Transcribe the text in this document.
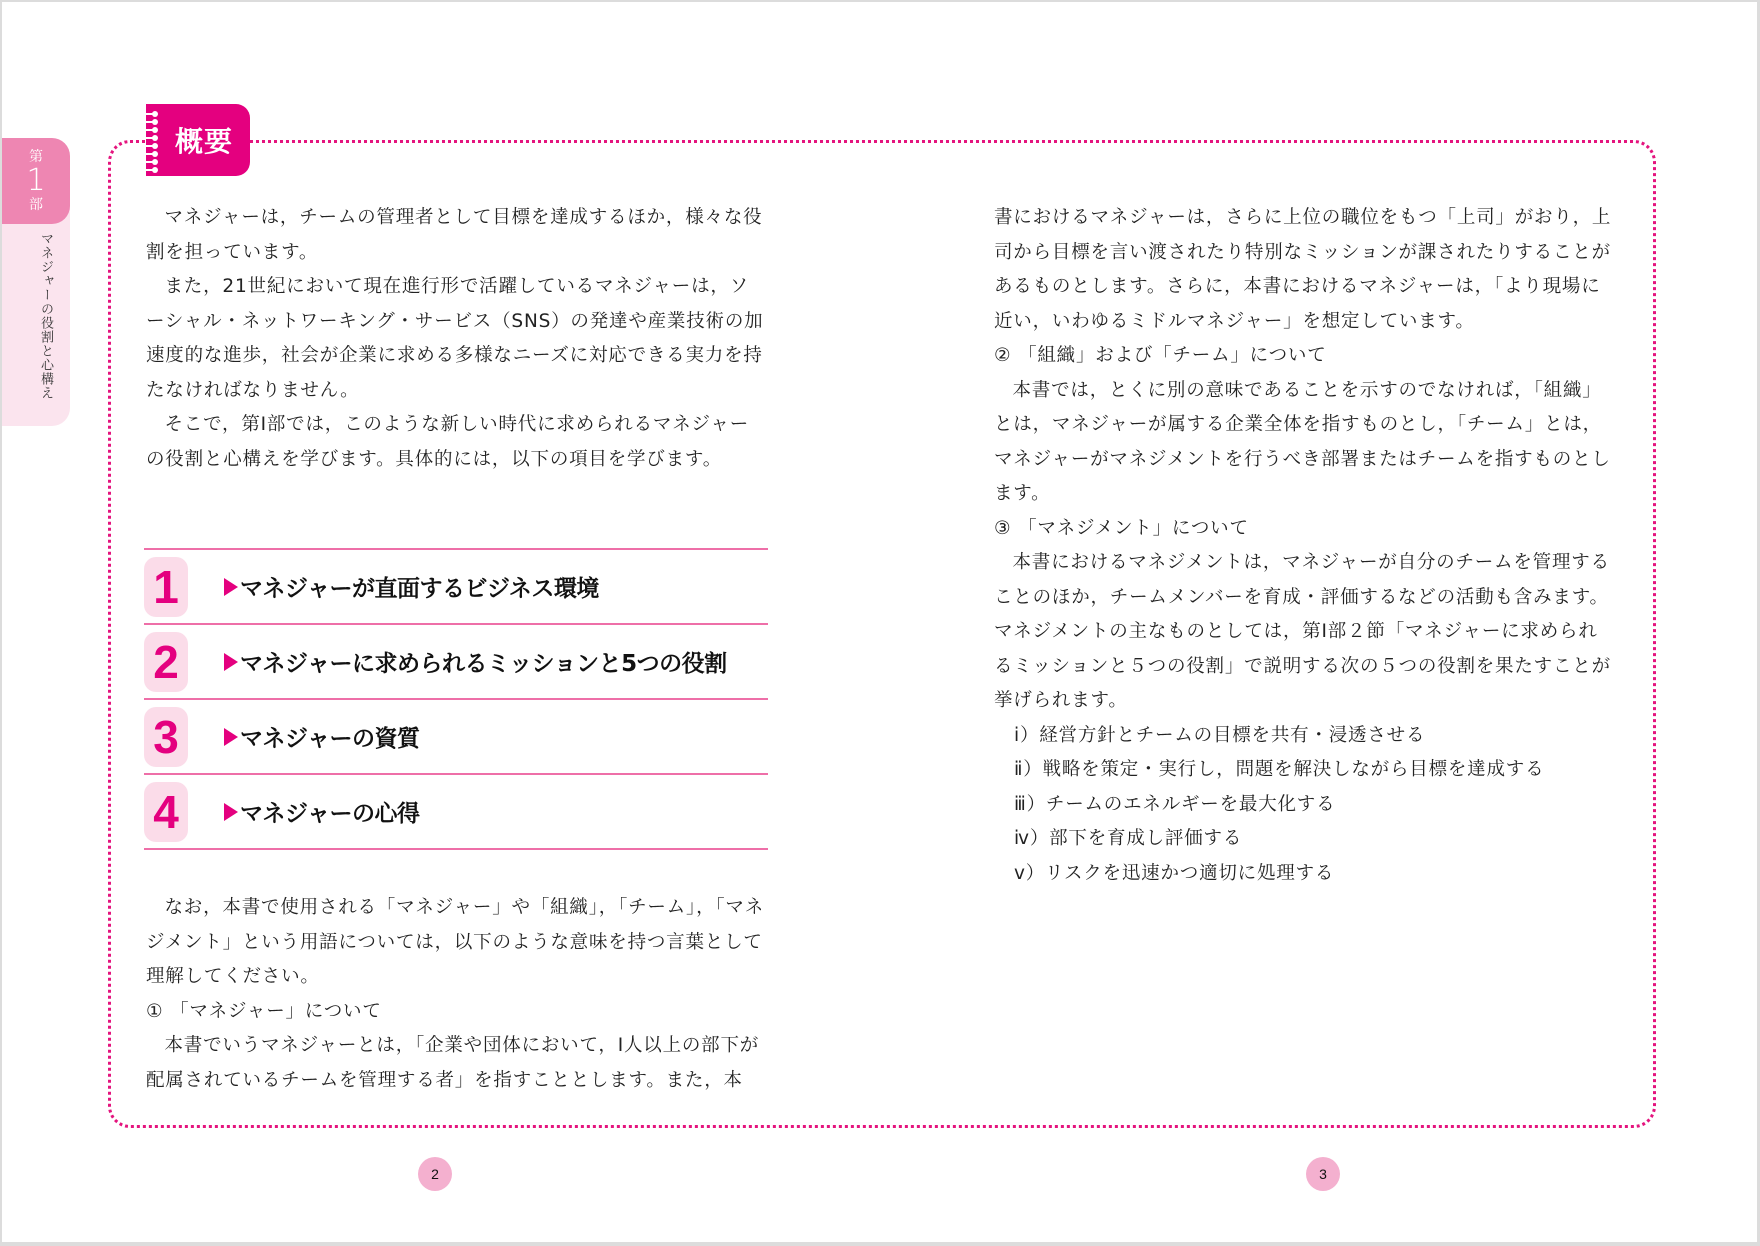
第
1
部
マネジャーの役割と心構え
概要

マネジャーは，チームの管理者として目標を達成するほか，様々な役割を担っています。

また，21世紀において現在進行形で活躍しているマネジャーは，ソーシャル・ネットワーキング・サービス（SNS）の発達や産業技術の加速度的な進歩，社会が企業に求める多様なニーズに対応できる実力を持たなければなりません。

そこで，第Ⅰ部では，このような新しい時代に求められるマネジャーの役割と心構えを学びます。具体的には，以下の項目を学びます。

1	マネジャーが直面するビジネス環境
2	マネジャーに求められるミッションと5つの役割
3	マネジャーの資質
4	マネジャーの心得

なお，本書で使用される「マネジャー」や「組織」，「チーム」，「マネジメント」という用語については，以下のような意味を持つ言葉として理解してください。

① 「マネジャー」について

本書でいうマネジャーとは，「企業や団体において，Ⅰ人以上の部下が配属されているチームを管理する者」を指すこととします。また，本

書におけるマネジャーは，さらに上位の職位をもつ「上司」がおり，上司から目標を言い渡されたり特別なミッションが課されたりすることがあるものとします。さらに，本書におけるマネジャーは，「より現場に近い，いわゆるミドルマネジャー」を想定しています。

② 「組織」および「チーム」について

本書では，とくに別の意味であることを示すのでなければ，「組織」とは，マネジャーが属する企業全体を指すものとし，「チーム」とは，マネジャーがマネジメントを行うべき部署またはチームを指すものとします。

③ 「マネジメント」について

本書におけるマネジメントは，マネジャーが自分のチームを管理することのほか，チームメンバーを育成・評価するなどの活動も含みます。マネジメントの主なものとしては，第Ⅰ部２節「マネジャーに求められるミッションと５つの役割」で説明する次の５つの役割を果たすことが挙げられます。

ⅰ）経営方針とチームの目標を共有・浸透させる

ⅱ）戦略を策定・実行し，問題を解決しながら目標を達成する

ⅲ）チームのエネルギーを最大化する

ⅳ）部下を育成し評価する

ⅴ）リスクを迅速かつ適切に処理する

2	3
